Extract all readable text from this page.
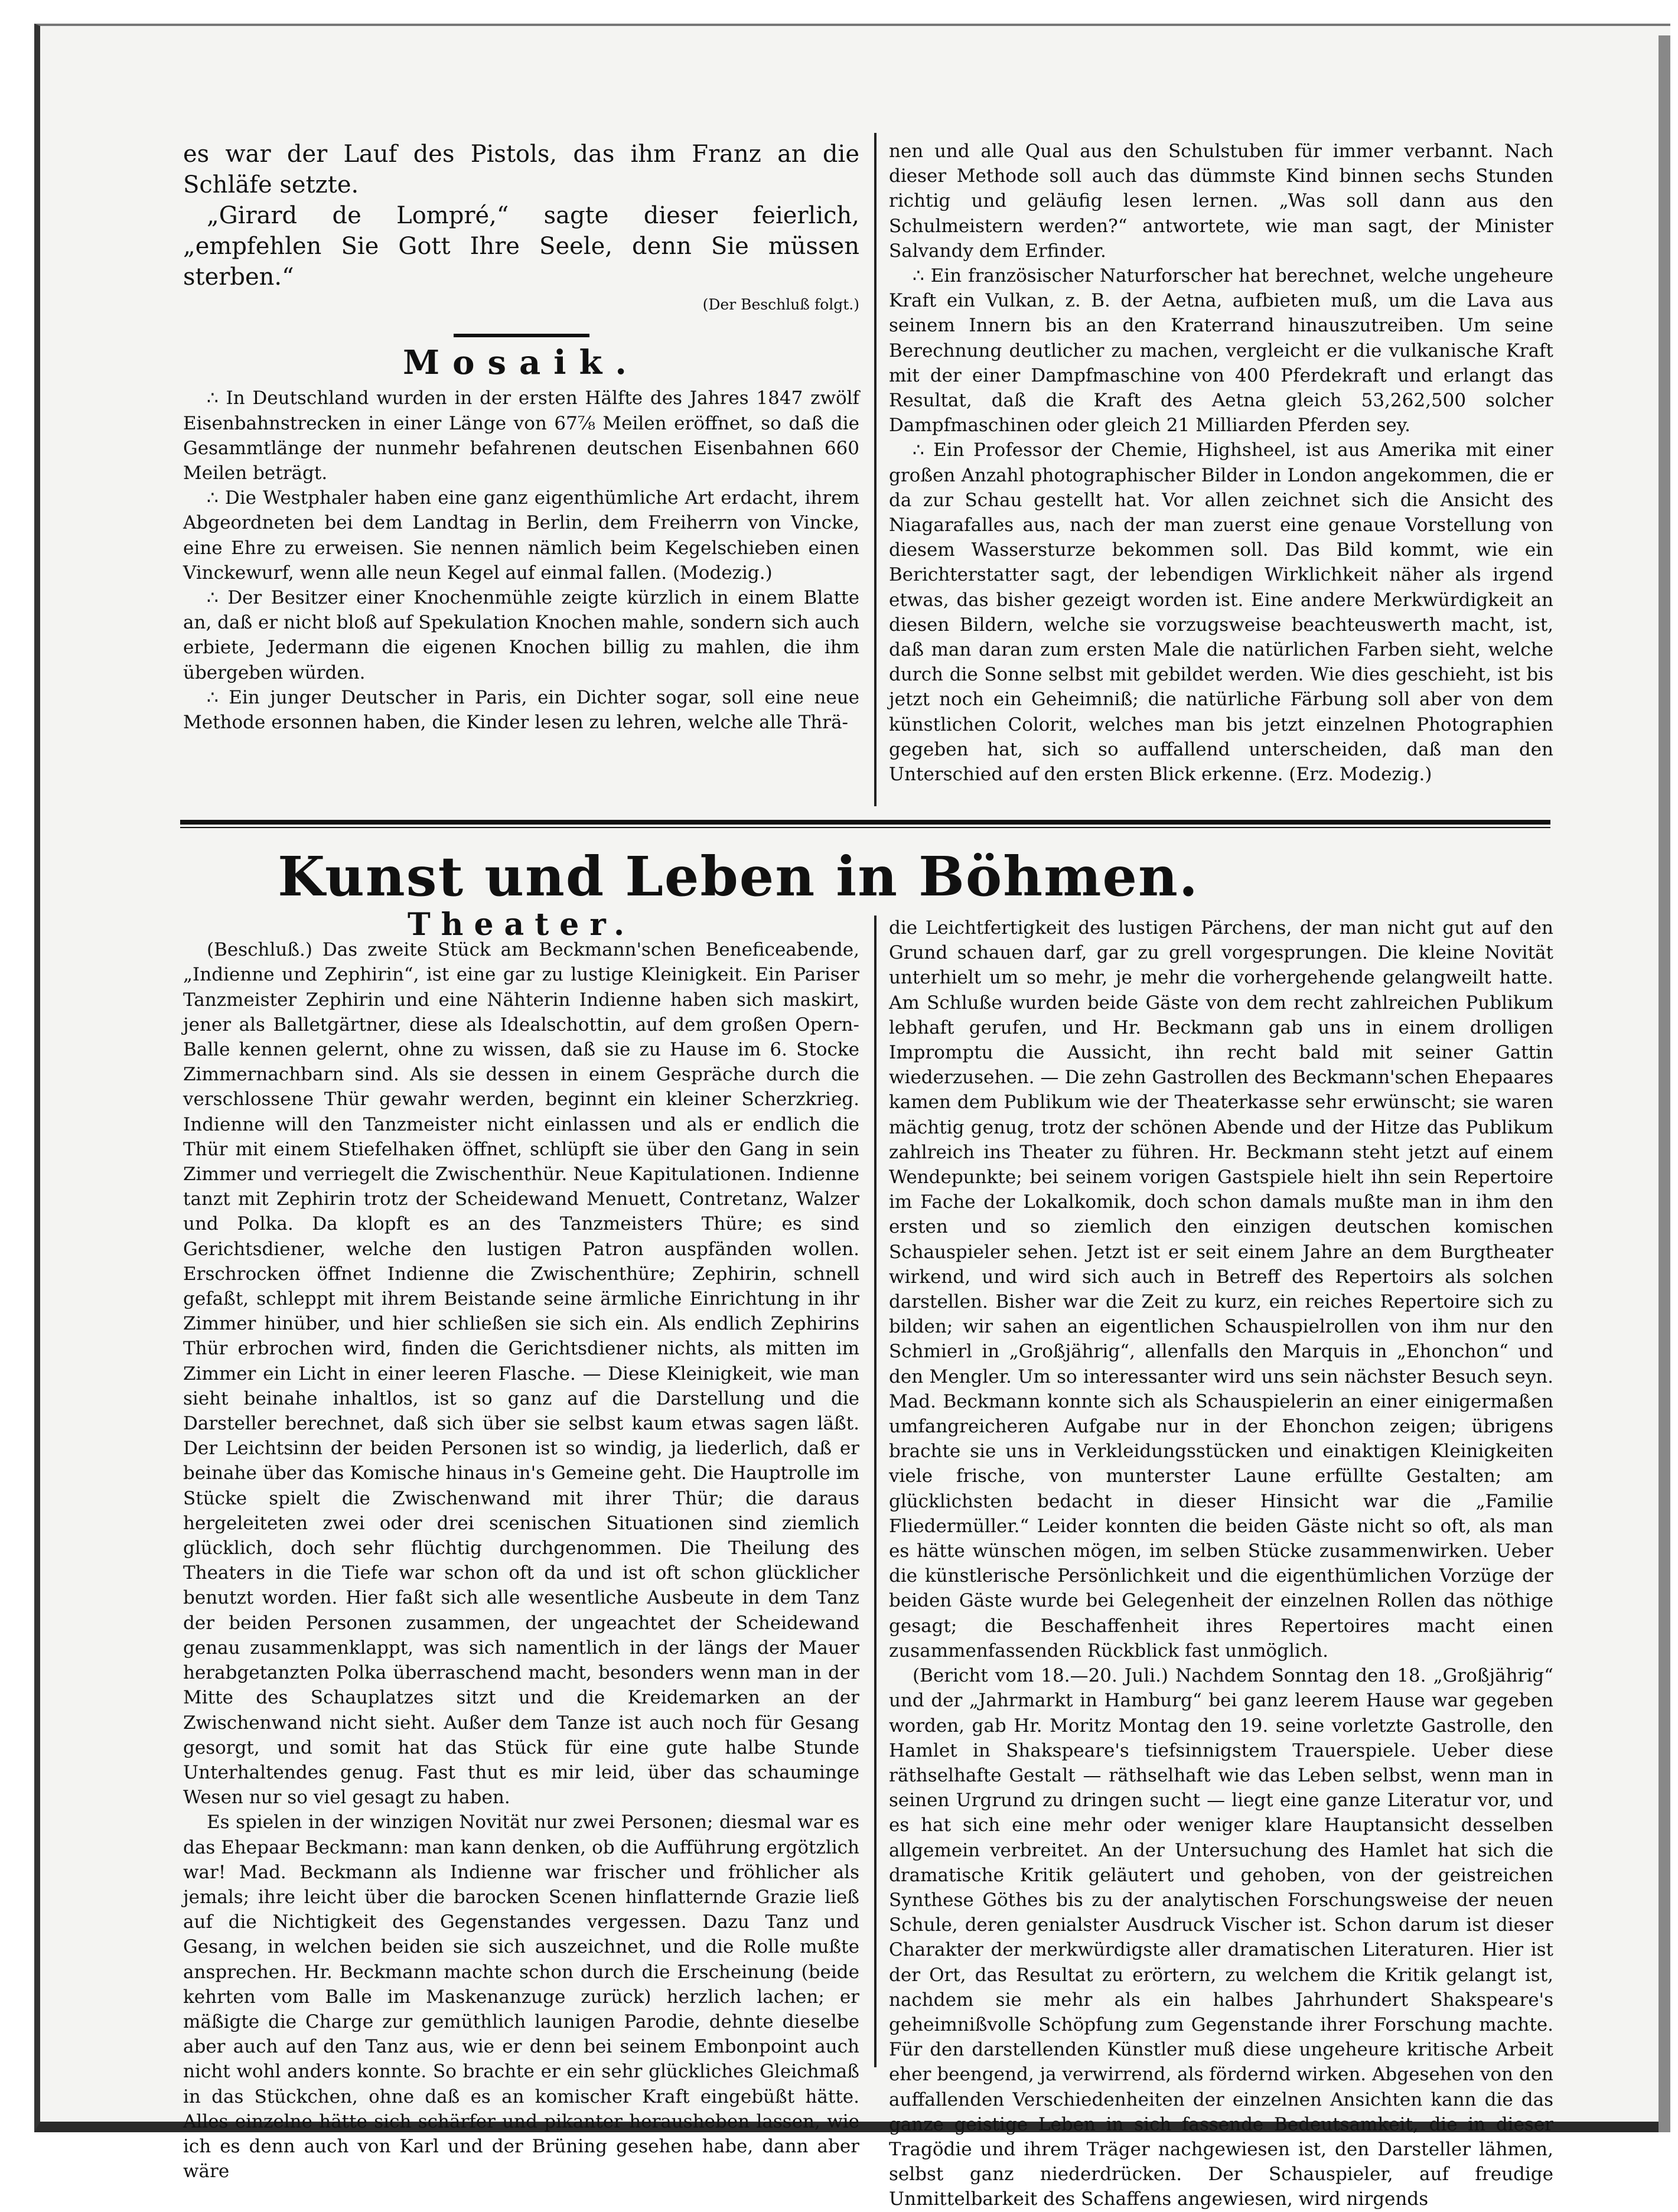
es war der Lauf des Pistols, das ihm Franz an die Schläfe setzte.

„Girard de Lompré,“ sagte dieser feierlich, „empfehlen Sie Gott Ihre Seele, denn Sie müssen sterben.“

(Der Beschluß folgt.)

Mosaik.

∴ In Deutschland wurden in der ersten Hälfte des Jahres 1847 zwölf Eisenbahnstrecken in einer Länge von 67⅞ Meilen eröffnet, so daß die Gesammtlänge der nunmehr befahrenen deutschen Eisenbahnen 660 Meilen beträgt.

∴ Die Westphaler haben eine ganz eigenthümliche Art erdacht, ihrem Abgeordneten bei dem Landtag in Berlin, dem Freiherrn von Vincke, eine Ehre zu erweisen. Sie nennen nämlich beim Kegelschieben einen Vinckewurf, wenn alle neun Kegel auf einmal fallen. (Modezig.)

∴ Der Besitzer einer Knochenmühle zeigte kürzlich in einem Blatte an, daß er nicht bloß auf Spekulation Knochen mahle, sondern sich auch erbiete, Jedermann die eigenen Knochen billig zu mahlen, die ihm übergeben würden.

∴ Ein junger Deutscher in Paris, ein Dichter sogar, soll eine neue Methode ersonnen haben, die Kinder lesen zu lehren, welche alle Thrä-

nen und alle Qual aus den Schulstuben für immer verbannt. Nach dieser Methode soll auch das dümmste Kind binnen sechs Stunden richtig und geläufig lesen lernen. „Was soll dann aus den Schulmeistern werden?“ antwortete, wie man sagt, der Minister Salvandy dem Erfinder.

∴ Ein französischer Naturforscher hat berechnet, welche ungeheure Kraft ein Vulkan, z. B. der Aetna, aufbieten muß, um die Lava aus seinem Innern bis an den Kraterrand hinauszutreiben. Um seine Berechnung deutlicher zu machen, vergleicht er die vulkanische Kraft mit der einer Dampfmaschine von 400 Pferdekraft und erlangt das Resultat, daß die Kraft des Aetna gleich 53,262,500 solcher Dampfmaschinen oder gleich 21 Milliarden Pferden sey.

∴ Ein Professor der Chemie, Highsheel, ist aus Amerika mit einer großen Anzahl photographischer Bilder in London angekommen, die er da zur Schau gestellt hat. Vor allen zeichnet sich die Ansicht des Niagarafalles aus, nach der man zuerst eine genaue Vorstellung von diesem Wassersturze bekommen soll. Das Bild kommt, wie ein Berichterstatter sagt, der lebendigen Wirklichkeit näher als irgend etwas, das bisher gezeigt worden ist. Eine andere Merkwürdigkeit an diesen Bildern, welche sie vorzugsweise beachteuswerth macht, ist, daß man daran zum ersten Male die natürlichen Farben sieht, welche durch die Sonne selbst mit gebildet werden. Wie dies geschieht, ist bis jetzt noch ein Geheimniß; die natürliche Färbung soll aber von dem künstlichen Colorit, welches man bis jetzt einzelnen Photographien gegeben hat, sich so auffallend unterscheiden, daß man den Unterschied auf den ersten Blick erkenne. (Erz. Modezig.)

Kunst und Leben in Böhmen.

Theater.

(Beschluß.) Das zweite Stück am Beckmann'schen Beneficeabende, „Indienne und Zephirin“, ist eine gar zu lustige Kleinigkeit. Ein Pariser Tanzmeister Zephirin und eine Nähterin Indienne haben sich maskirt, jener als Balletgärtner, diese als Idealschottin, auf dem großen Opern-Balle kennen gelernt, ohne zu wissen, daß sie zu Hause im 6. Stocke Zimmernachbarn sind. Als sie dessen in einem Gespräche durch die verschlossene Thür gewahr werden, beginnt ein kleiner Scherzkrieg. Indienne will den Tanzmeister nicht einlassen und als er endlich die Thür mit einem Stiefelhaken öffnet, schlüpft sie über den Gang in sein Zimmer und verriegelt die Zwischenthür. Neue Kapitulationen. Indienne tanzt mit Zephirin trotz der Scheidewand Menuett, Contretanz, Walzer und Polka. Da klopft es an des Tanzmeisters Thüre; es sind Gerichtsdiener, welche den lustigen Patron auspfänden wollen. Erschrocken öffnet Indienne die Zwischenthüre; Zephirin, schnell gefaßt, schleppt mit ihrem Beistande seine ärmliche Einrichtung in ihr Zimmer hinüber, und hier schließen sie sich ein. Als endlich Zephirins Thür erbrochen wird, finden die Gerichtsdiener nichts, als mitten im Zimmer ein Licht in einer leeren Flasche. — Diese Kleinigkeit, wie man sieht beinahe inhaltlos, ist so ganz auf die Darstellung und die Darsteller berechnet, daß sich über sie selbst kaum etwas sagen läßt. Der Leichtsinn der beiden Personen ist so windig, ja liederlich, daß er beinahe über das Komische hinaus in's Gemeine geht. Die Hauptrolle im Stücke spielt die Zwischenwand mit ihrer Thür; die daraus hergeleiteten zwei oder drei scenischen Situationen sind ziemlich glücklich, doch sehr flüchtig durchgenommen. Die Theilung des Theaters in die Tiefe war schon oft da und ist oft schon glücklicher benutzt worden. Hier faßt sich alle wesentliche Ausbeute in dem Tanz der beiden Personen zusammen, der ungeachtet der Scheidewand genau zusammenklappt, was sich namentlich in der längs der Mauer herabgetanzten Polka überraschend macht, besonders wenn man in der Mitte des Schauplatzes sitzt und die Kreidemarken an der Zwischenwand nicht sieht. Außer dem Tanze ist auch noch für Gesang gesorgt, und somit hat das Stück für eine gute halbe Stunde Unterhaltendes genug. Fast thut es mir leid, über das schauminge Wesen nur so viel gesagt zu haben.

Es spielen in der winzigen Novität nur zwei Personen; diesmal war es das Ehepaar Beckmann: man kann denken, ob die Aufführung ergötzlich war! Mad. Beckmann als Indienne war frischer und fröhlicher als jemals; ihre leicht über die barocken Scenen hinflatternde Grazie ließ auf die Nichtigkeit des Gegenstandes vergessen. Dazu Tanz und Gesang, in welchen beiden sie sich auszeichnet, und die Rolle mußte ansprechen. Hr. Beckmann machte schon durch die Erscheinung (beide kehrten vom Balle im Maskenanzuge zurück) herzlich lachen; er mäßigte die Charge zur gemüthlich launigen Parodie, dehnte dieselbe aber auch auf den Tanz aus, wie er denn bei seinem Embonpoint auch nicht wohl anders konnte. So brachte er ein sehr glückliches Gleichmaß in das Stückchen, ohne daß es an komischer Kraft eingebüßt hätte. Alles einzelne hätte sich schärfer und pikanter herausheben lassen, wie ich es denn auch von Karl und der Brüning gesehen habe, dann aber wäre

die Leichtfertigkeit des lustigen Pärchens, der man nicht gut auf den Grund schauen darf, gar zu grell vorgesprungen. Die kleine Novität unterhielt um so mehr, je mehr die vorhergehende gelangweilt hatte. Am Schluße wurden beide Gäste von dem recht zahlreichen Publikum lebhaft gerufen, und Hr. Beckmann gab uns in einem drolligen Impromptu die Aussicht, ihn recht bald mit seiner Gattin wiederzusehen. — Die zehn Gastrollen des Beckmann'schen Ehepaares kamen dem Publikum wie der Theaterkasse sehr erwünscht; sie waren mächtig genug, trotz der schönen Abende und der Hitze das Publikum zahlreich ins Theater zu führen. Hr. Beckmann steht jetzt auf einem Wendepunkte; bei seinem vorigen Gastspiele hielt ihn sein Repertoire im Fache der Lokalkomik, doch schon damals mußte man in ihm den ersten und so ziemlich den einzigen deutschen komischen Schauspieler sehen. Jetzt ist er seit einem Jahre an dem Burgtheater wirkend, und wird sich auch in Betreff des Repertoirs als solchen darstellen. Bisher war die Zeit zu kurz, ein reiches Repertoire sich zu bilden; wir sahen an eigentlichen Schauspielrollen von ihm nur den Schmierl in „Großjährig“, allenfalls den Marquis in „Ehonchon“ und den Mengler. Um so interessanter wird uns sein nächster Besuch seyn. Mad. Beckmann konnte sich als Schauspielerin an einer einigermaßen umfangreicheren Aufgabe nur in der Ehonchon zeigen; übrigens brachte sie uns in Verkleidungsstücken und einaktigen Kleinigkeiten viele frische, von munterster Laune erfüllte Gestalten; am glücklichsten bedacht in dieser Hinsicht war die „Familie Fliedermüller.“ Leider konnten die beiden Gäste nicht so oft, als man es hätte wünschen mögen, im selben Stücke zusammenwirken. Ueber die künstlerische Persönlichkeit und die eigenthümlichen Vorzüge der beiden Gäste wurde bei Gelegenheit der einzelnen Rollen das nöthige gesagt; die Beschaffenheit ihres Repertoires macht einen zusammenfassenden Rückblick fast unmöglich.

(Bericht vom 18.—20. Juli.) Nachdem Sonntag den 18. „Großjährig“ und der „Jahrmarkt in Hamburg“ bei ganz leerem Hause war gegeben worden, gab Hr. Moritz Montag den 19. seine vorletzte Gastrolle, den Hamlet in Shakspeare's tiefsinnigstem Trauerspiele. Ueber diese räthselhafte Gestalt — räthselhaft wie das Leben selbst, wenn man in seinen Urgrund zu dringen sucht — liegt eine ganze Literatur vor, und es hat sich eine mehr oder weniger klare Hauptansicht desselben allgemein verbreitet. An der Untersuchung des Hamlet hat sich die dramatische Kritik geläutert und gehoben, von der geistreichen Synthese Göthes bis zu der analytischen Forschungsweise der neuen Schule, deren genialster Ausdruck Vischer ist. Schon darum ist dieser Charakter der merkwürdigste aller dramatischen Literaturen. Hier ist der Ort, das Resultat zu erörtern, zu welchem die Kritik gelangt ist, nachdem sie mehr als ein halbes Jahrhundert Shakspeare's geheimnißvolle Schöpfung zum Gegenstande ihrer Forschung machte. Für den darstellenden Künstler muß diese ungeheure kritische Arbeit eher beengend, ja verwirrend, als fördernd wirken. Abgesehen von den auffallenden Verschiedenheiten der einzelnen Ansichten kann die das ganze geistige Leben in sich fassende Bedeutsamkeit, die in dieser Tragödie und ihrem Träger nachgewiesen ist, den Darsteller lähmen, selbst ganz niederdrücken. Der Schauspieler, auf freudige Unmittelbarkeit des Schaffens angewiesen, wird nirgends
